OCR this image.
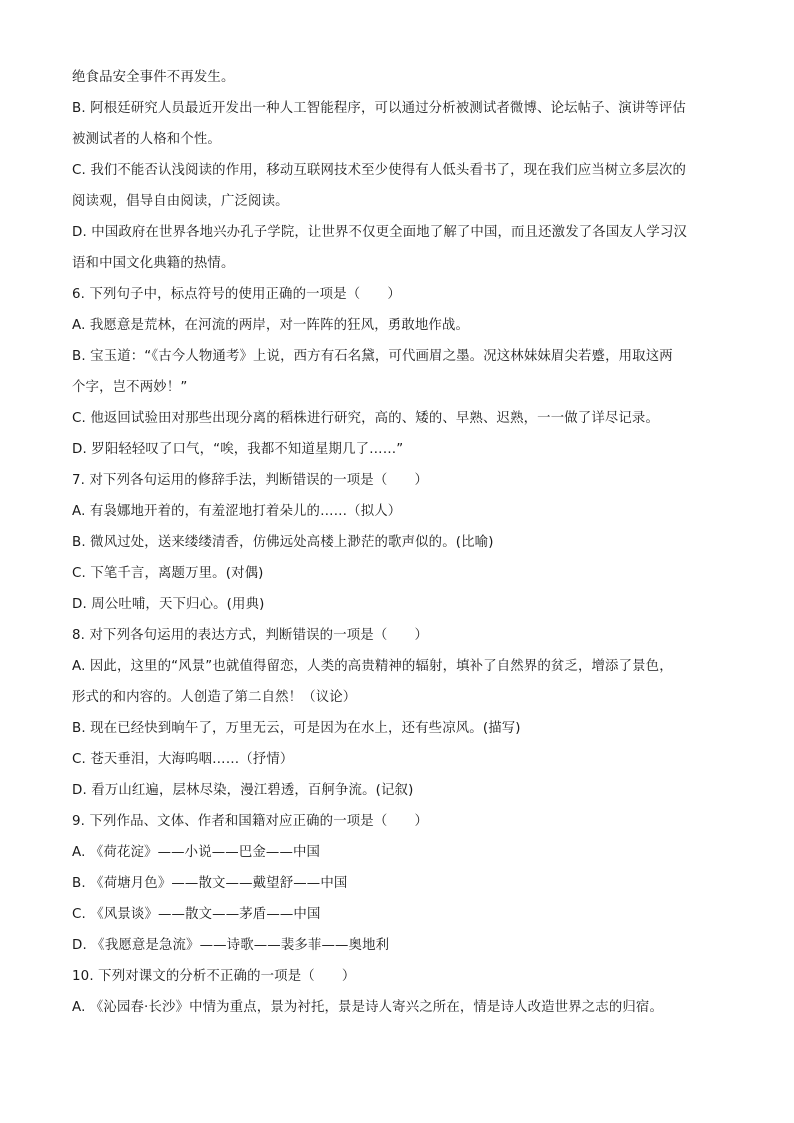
绝食品安全事件不再发生。
B. 阿根廷研究人员最近开发出一种人工智能程序，可以通过分析被测试者微博、论坛帖子、演讲等评估
被测试者的人格和个性。
C. 我们不能否认浅阅读的作用，移动互联网技术至少使得有人低头看书了，现在我们应当树立多层次的
阅读观，倡导自由阅读，广泛阅读。
D. 中国政府在世界各地兴办孔子学院，让世界不仅更全面地了解了中国，而且还激发了各国友人学习汉
语和中国文化典籍的热情。
6. 下列句子中，标点符号的使用正确的一项是（　　）
A. 我愿意是荒林，在河流的两岸，对一阵阵的狂风，勇敢地作战。
B. 宝玉道：“《古今人物通考》上说，西方有石名黛，可代画眉之墨。况这林妹妹眉尖若蹙，用取这两
个字，岂不两妙！”
C. 他返回试验田对那些出现分离的稻株进行研究，高的、矮的、早熟、迟熟，一一做了详尽记录。
D. 罗阳轻轻叹了口气，“唉，我都不知道星期几了……”
7. 对下列各句运用的修辞手法，判断错误的一项是（　　）
A. 有袅娜地开着的，有羞涩地打着朵儿的……（拟人）
B. 微风过处，送来缕缕清香，仿佛远处高楼上渺茫的歌声似的。(比喻)
C. 下笔千言，离题万里。(对偶)
D. 周公吐哺，天下归心。(用典)
8. 对下列各句运用的表达方式，判断错误的一项是（　　）
A. 因此，这里的“风景”也就值得留恋，人类的高贵精神的辐射，填补了自然界的贫乏，增添了景色，
形式的和内容的。人创造了第二自然！（议论）
B. 现在已经快到晌午了，万里无云，可是因为在水上，还有些凉风。(描写)
C. 苍天垂泪，大海呜咽……（抒情）
D. 看万山红遍，层林尽染，漫江碧透，百舸争流。(记叙)
9. 下列作品、文体、作者和国籍对应正确的一项是（　　）
A. 《荷花淀》——小说——巴金——中国
B. 《荷塘月色》——散文——戴望舒——中国
C. 《风景谈》——散文——茅盾——中国
D. 《我愿意是急流》——诗歌——裴多菲——奥地利
10. 下列对课文的分析不正确的一项是（　　）
A. 《沁园春·长沙》中情为重点，景为衬托，景是诗人寄兴之所在，情是诗人改造世界之志的归宿。
